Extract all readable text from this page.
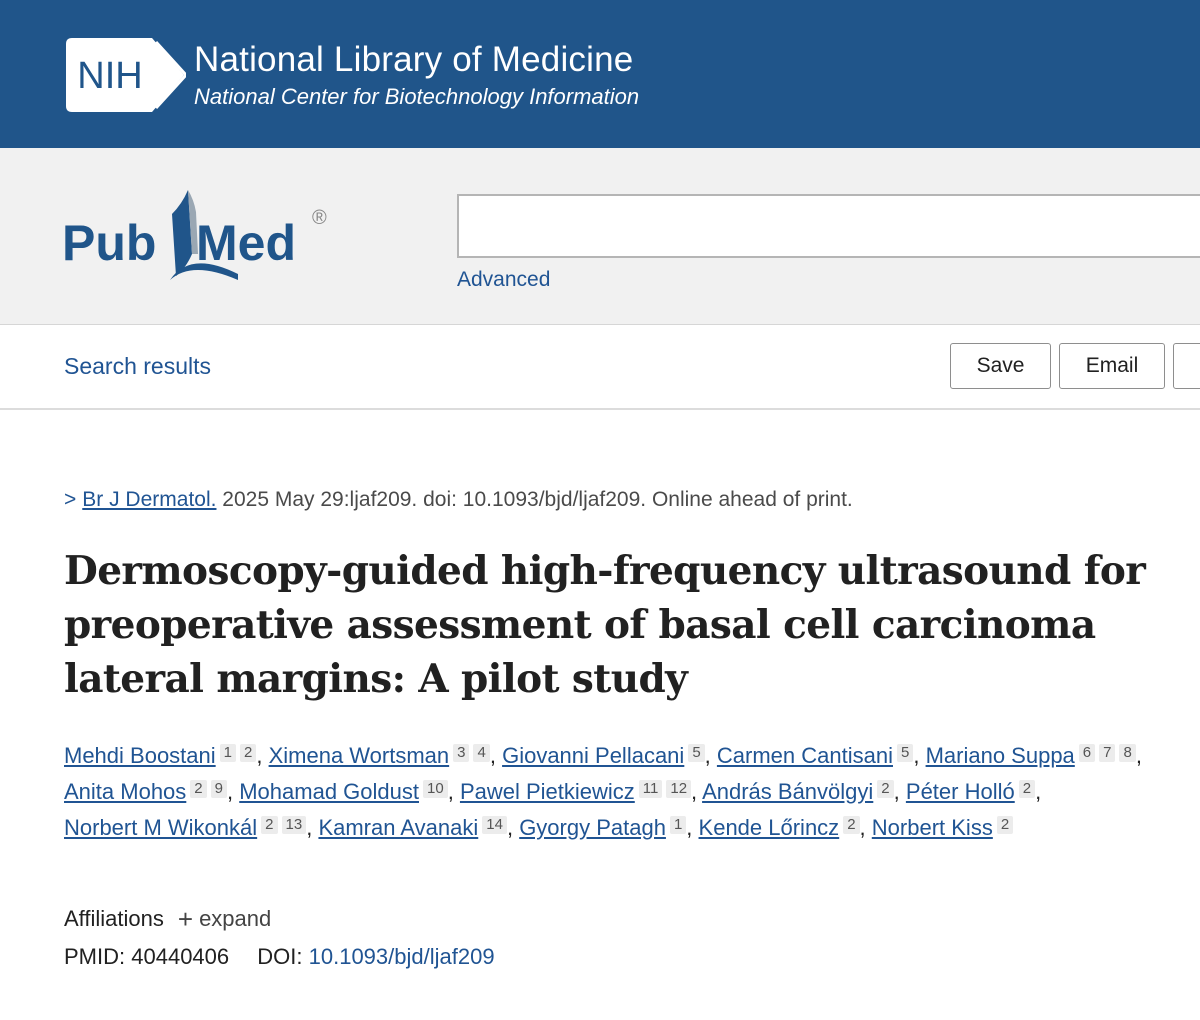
NIH National Library of Medicine
National Center for Biotechnology Information
Pub Med ®
Advanced
Search results	Save	Email
> Br J Dermatol. 2025 May 29:ljaf209. doi: 10.1093/bjd/ljaf209. Online ahead of print.
Dermoscopy-guided high-frequency ultrasound for preoperative assessment of basal cell carcinoma lateral margins: A pilot study
Mehdi Boostani 1 2 , Ximena Wortsman 3 4 , Giovanni Pellacani 5 , Carmen Cantisani 5 , Mariano Suppa 6 7 8 , Anita Mohos 2 9 , Mohamad Goldust 10 , Pawel Pietkiewicz 11 12 , András Bánvölgyi 2 , Péter Holló 2 , Norbert M Wikonkál 2 13 , Kamran Avanaki 14 , Gyorgy Patagh 1 , Kende Lőrincz 2 , Norbert Kiss 2
Affiliations + expand
PMID: 40440406 DOI: 10.1093/bjd/ljaf209
